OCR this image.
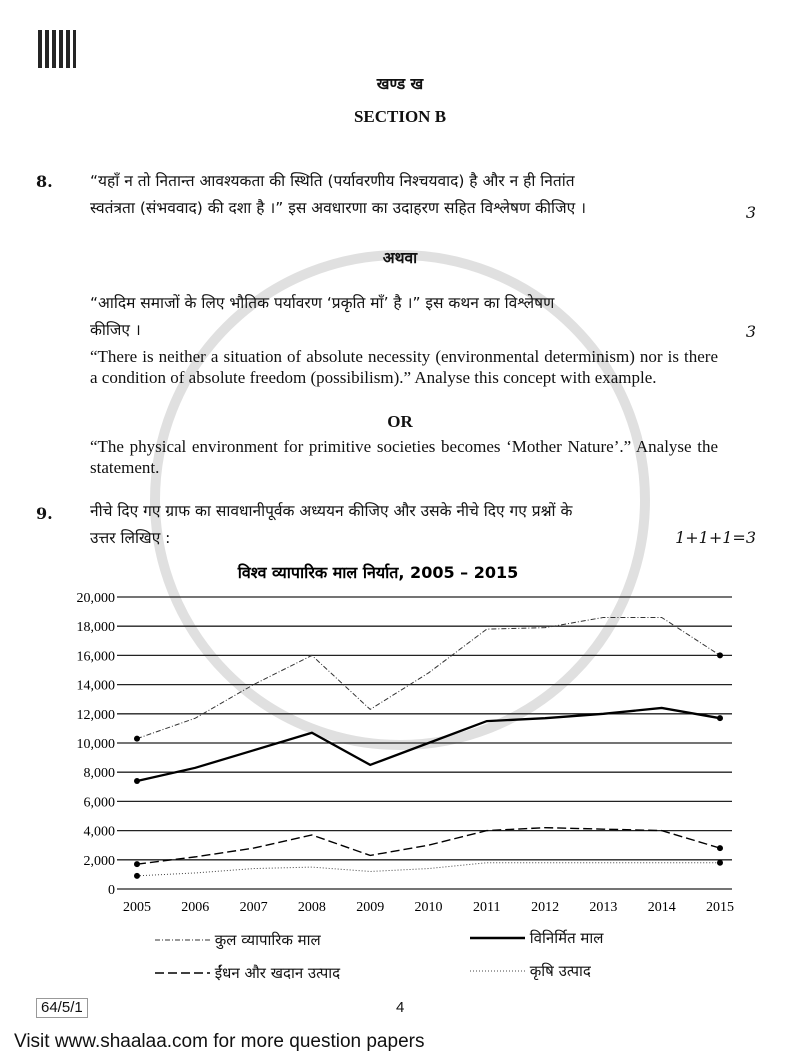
खण्ड ख
SECTION B
8. “यहाँ न तो नितान्त आवश्यकता की स्थिति (पर्यावरणीय निश्चयवाद) है और न ही नितांत
स्वतंत्रता (संभववाद) की दशा है ।” इस अवधारणा का उदाहरण सहित विश्लेषण कीजिए ।	3
अथवा
“आदिम समाजों के लिए भौतिक पर्यावरण ‘प्रकृति माँ’ है ।” इस कथन का विश्लेषण
कीजिए ।	3
“There is neither a situation of absolute necessity (environmental determinism) nor is there a condition of absolute freedom (possibilism).” Analyse this concept with example.
OR
“The physical environment for primitive societies becomes ‘Mother Nature’.” Analyse the statement.
9. नीचे दिए गए ग्राफ का सावधानीपूर्वक अध्ययन कीजिए और उसके नीचे दिए गए प्रश्नों के
उत्तर लिखिए :	1+1+1=3
विश्व व्यापारिक माल निर्यात, 2005 – 2015
0
2,000
4,000
6,000
8,000
10,000
12,000
14,000
16,000
18,000
20,000
2005 2006 2007 2008 2009 2010 2011 2012 2013 2014 2015
कुल व्यापारिक माल	विनिर्मित माल
ईंधन और खदान उत्पाद	कृषि उत्पाद
64/5/1	4
Visit www.shaalaa.com for more question papers
